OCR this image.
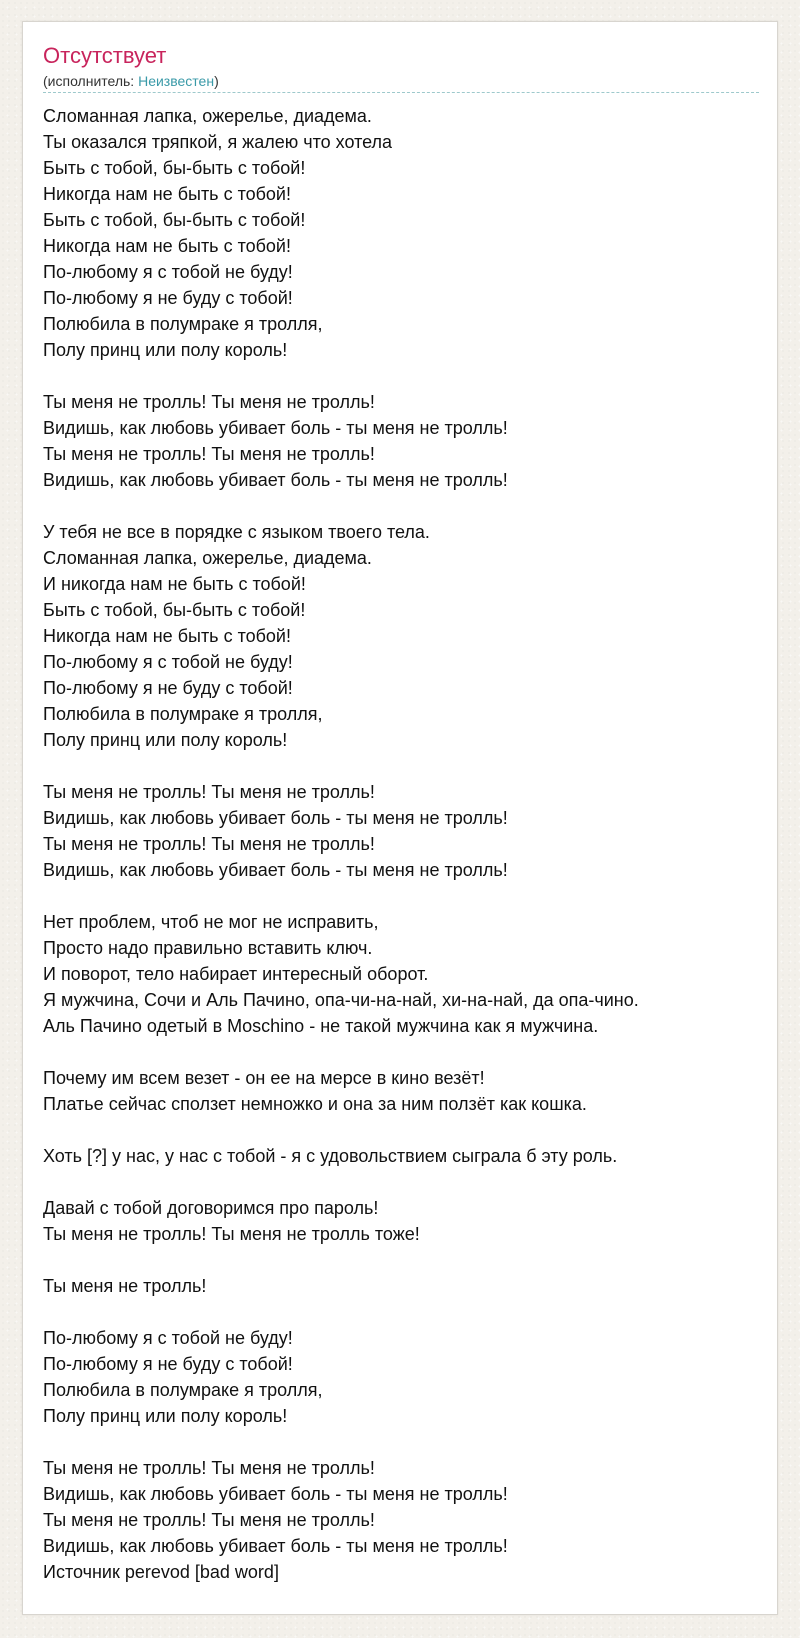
Отсутствует
(исполнитель: Неизвестен)
Сломанная лапка, ожерелье, диадема.
Ты оказался тряпкой, я жалею что хотела
Быть с тобой, бы-быть с тобой!
Никогда нам не быть с тобой!
Быть с тобой, бы-быть с тобой!
Никогда нам не быть с тобой!
По-любому я с тобой не буду!
По-любому я не буду с тобой!
Полюбила в полумраке я тролля,
Полу принц или полу король!
Ты меня не тролль! Ты меня не тролль!
Видишь, как любовь убивает боль - ты меня не тролль!
Ты меня не тролль! Ты меня не тролль!
Видишь, как любовь убивает боль - ты меня не тролль!
У тебя не все в порядке с языком твоего тела.
Сломанная лапка, ожерелье, диадема.
И никогда нам не быть с тобой!
Быть с тобой, бы-быть с тобой!
Никогда нам не быть с тобой!
По-любому я с тобой не буду!
По-любому я не буду с тобой!
Полюбила в полумраке я тролля,
Полу принц или полу король!
Ты меня не тролль! Ты меня не тролль!
Видишь, как любовь убивает боль - ты меня не тролль!
Ты меня не тролль! Ты меня не тролль!
Видишь, как любовь убивает боль - ты меня не тролль!
Нет проблем, чтоб не мог не исправить,
Просто надо правильно вставить ключ.
И поворот, тело набирает интересный оборот.
Я мужчина, Сочи и Аль Пачино, опа-чи-на-най, хи-на-най, да опа-чино.
Аль Пачино одетый в Moschino - не такой мужчина как я мужчина.
Почему им всем везет - он ее на мерсе в кино везёт!
Платье сейчас сползет немножко и она за ним ползёт как кошка.
Хоть [?] у нас, у нас с тобой - я с удовольствием сыграла б эту роль.
Давай с тобой договоримся про пароль!
Ты меня не тролль! Ты меня не тролль тоже!
Ты меня не тролль!
По-любому я с тобой не буду!
По-любому я не буду с тобой!
Полюбила в полумраке я тролля,
Полу принц или полу король!
Ты меня не тролль! Ты меня не тролль!
Видишь, как любовь убивает боль - ты меня не тролль!
Ты меня не тролль! Ты меня не тролль!
Видишь, как любовь убивает боль - ты меня не тролль!
Источник perevod [bad word]
